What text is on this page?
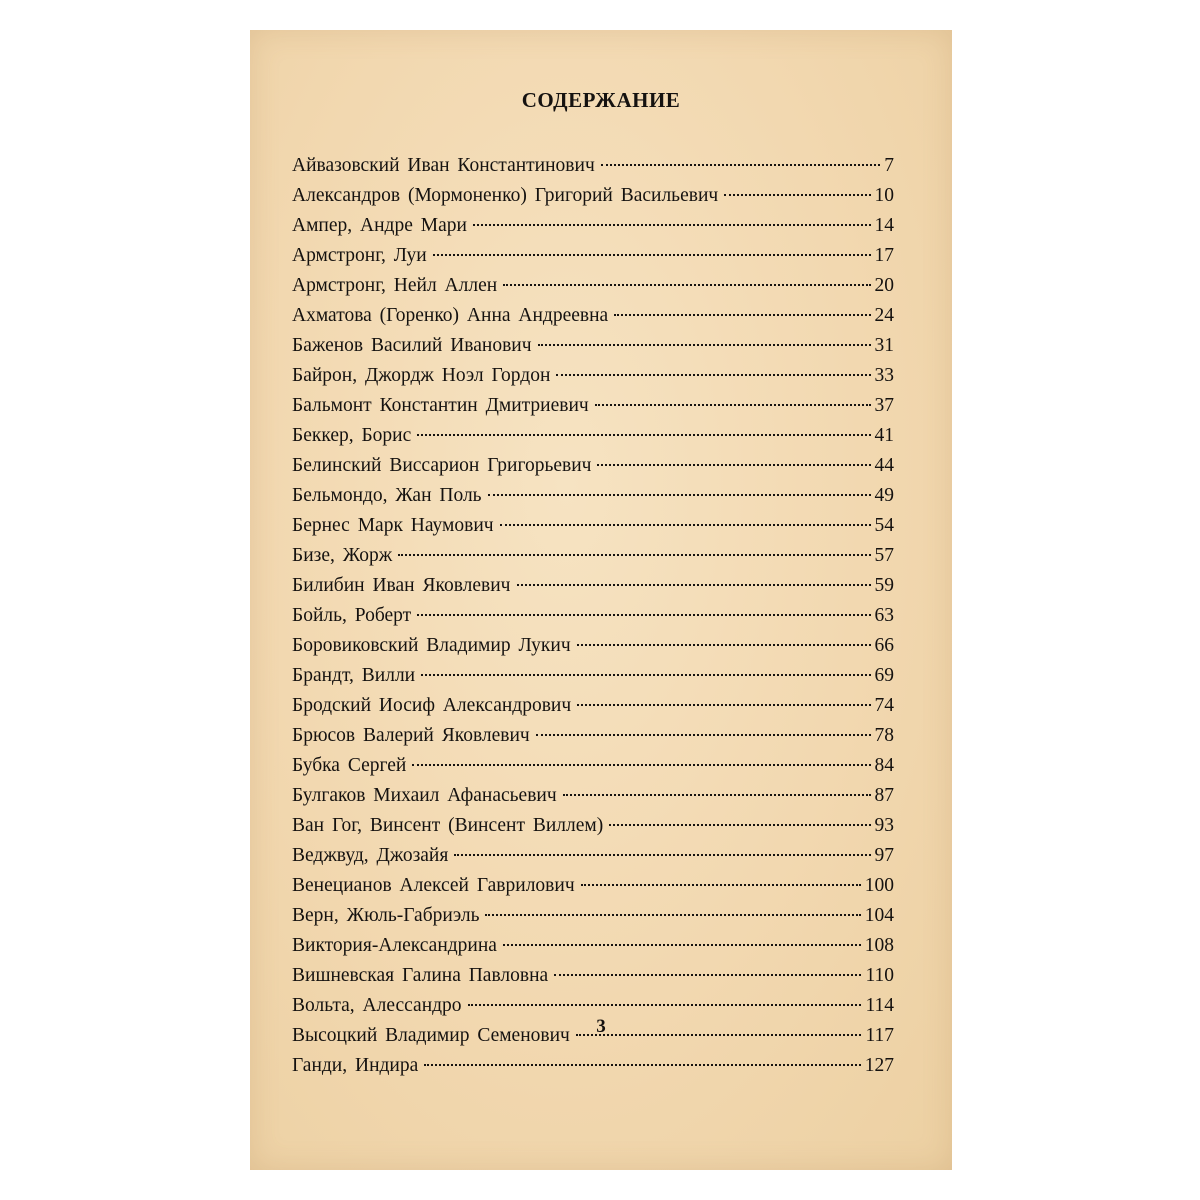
СОДЕРЖАНИЕ
Айвазовский Иван Константинович	7
Александров (Мормоненко) Григорий Васильевич	10
Ампер, Андре Мари	14
Армстронг, Луи	17
Армстронг, Нейл Аллен	20
Ахматова (Горенко) Анна Андреевна	24
Баженов Василий Иванович	31
Байрон, Джордж Ноэл Гордон	33
Бальмонт Константин Дмитриевич	37
Беккер, Борис	41
Белинский Виссарион Григорьевич	44
Бельмондо, Жан Поль	49
Бернес Марк Наумович	54
Бизе, Жорж	57
Билибин Иван Яковлевич	59
Бойль, Роберт	63
Боровиковский Владимир Лукич	66
Брандт, Вилли	69
Бродский Иосиф Александрович	74
Брюсов Валерий Яковлевич	78
Бубка Сергей	84
Булгаков Михаил Афанасьевич	87
Ван Гог, Винсент (Винсент Виллем)	93
Веджвуд, Джозайя	97
Венецианов Алексей Гаврилович	100
Верн, Жюль-Габриэль	104
Виктория-Александрина	108
Вишневская Галина Павловна	110
Вольта, Алессандро	114
Высоцкий Владимир Семенович	117
Ганди, Индира	127
3
